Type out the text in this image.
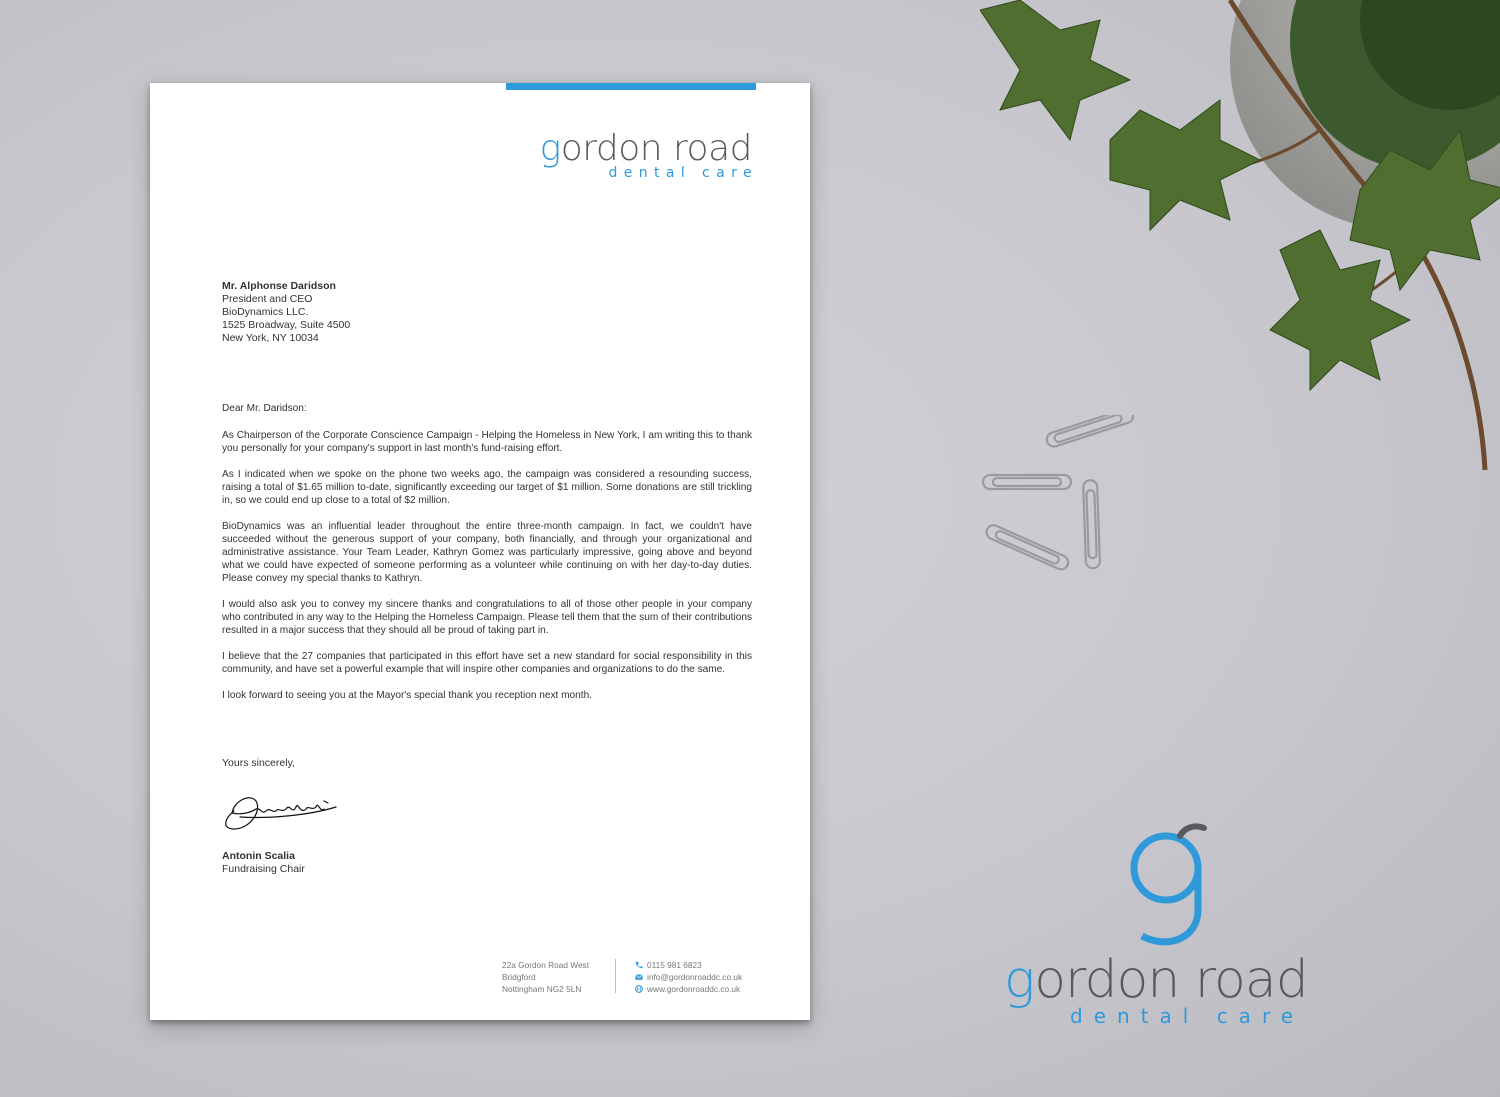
gordon road
dental care
Mr. Alphonse Daridson
President and CEO
BioDynamics LLC.
1525 Broadway, Suite 4500
New York, NY 10034

Dear Mr. Daridson:

As Chairperson of the Corporate Conscience Campaign - Helping the Homeless in New York, I am writing this to thank you personally for your company's support in last month's fund-raising effort.

As I indicated when we spoke on the phone two weeks ago, the campaign was considered a resounding success, raising a total of $1.65 million to-date, significantly exceeding our target of $1 million. Some donations are still trickling in, so we could end up close to a total of $2 million.

BioDynamics was an influential leader throughout the entire three-month campaign. In fact, we couldn't have succeeded without the generous support of your company, both financially, and through your organizational and administrative assistance. Your Team Leader, Kathryn Gomez was particularly impressive, going above and beyond what we could have expected of someone performing as a volunteer while continuing on with her day-to-day duties. Please convey my special thanks to Kathryn.

I would also ask you to convey my sincere thanks and congratulations to all of those other people in your company who contributed in any way to the Helping the Homeless Campaign. Please tell them that the sum of their contributions resulted in a major success that they should all be proud of taking part in.

I believe that the 27 companies that participated in this effort have set a new standard for social responsibility in this community, and have set a powerful example that will inspire other companies and organizations to do the same.

I look forward to seeing you at the Mayor's special thank you reception next month.

Yours sincerely,
Antonin Scalia
Fundraising Chair
22a Gordon Road West
Bridgford
Nottingham NG2 5LN
0115 981 6823
info@gordonroaddc.co.uk
www.gordonroaddc.co.uk	gordon road
dental care
